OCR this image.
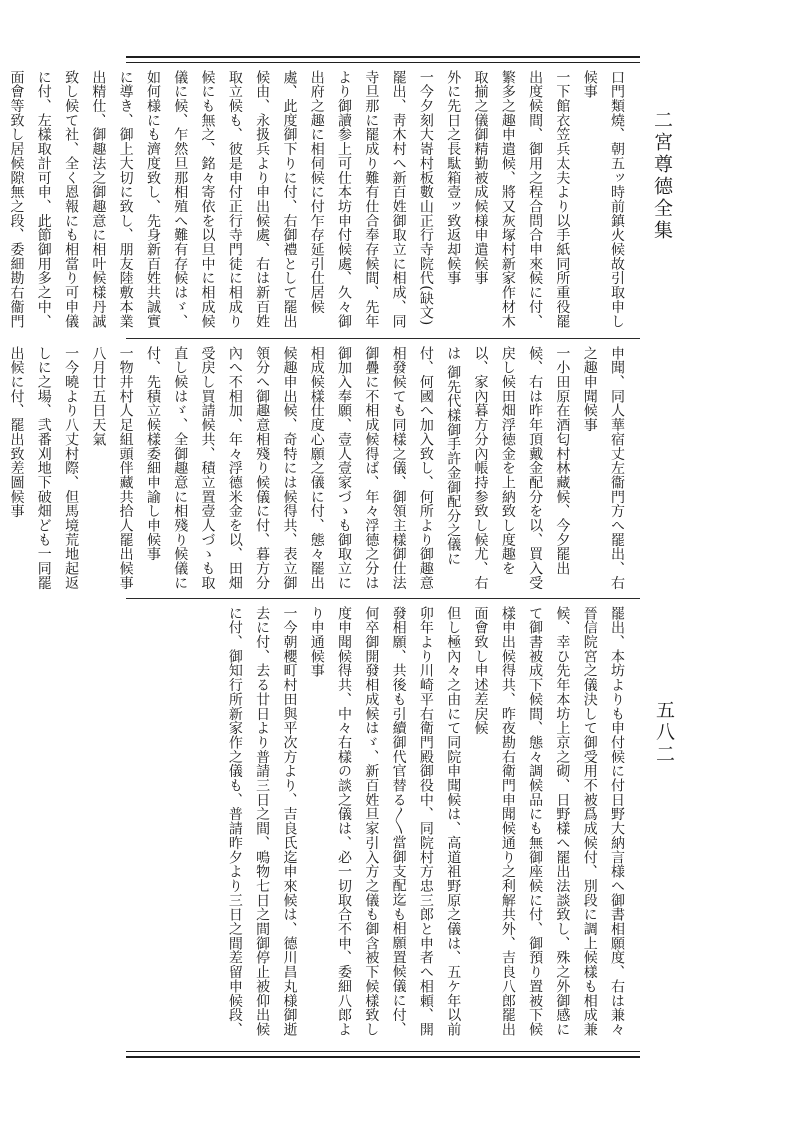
二宮尊德全集
五八二
口門類燒、朝五ッ時前鎮火候故引取申し候事
一下館衣笠兵太夫より以手紙同所重役罷出度候間、御用之程合問合申來候に付、繁多之趣申遣候、將又灰塚村新家作材木取揃之儀御精勤被成候様申遣候事
外に先日之長駄箱壹ッ致返却候事
一今夕刻大㟢村板數山正行寺院代(缺文)罷出、靑木村へ新百姓御取立に相成、同寺旦那に罷成り難有仕合奉存候間、先年より御讀参上可仕本坊申付候處、久々御出府之趣に相伺候に付乍存延引仕居候處、此度御下りに付、右御禮として罷出候由、永扱兵より申出候處、右は新百姓取立候も、彼是申付正行寺門徒に相成り候にも無之、銘々寄依を以旦中に相成候儀に候、乍然旦那相殖へ難有存候はゞ、如何様にも濟度致し、先身新百姓共誠實に導き、御上大切に致し、朋友陸敷本業出精仕、御趣法之御趣意に相叶候樣丹誠致し候て社、全く恩報にも相當り可申儀に付、左樣取計可申、此節御用多之中、面會等致し居候隙無之段、委細勘右衞門
申聞、同人華宿丈左衞門方へ罷出、右之趣申聞候事
一小田原在酒匂村林藏候、今夕罷出候、右は昨年頂戴金配分を以、買入受戻し候田畑浮徳金を上納致し度趣を以、家內暮方分內帳持参致し候尤、右は 御先代樣御手許金御配分之儀に付、何國へ加入致し、何所より御趣意相發候ても同樣之儀、御領主樣御仕法御疊に不相成候得ば、年々浮德之分は御加入奉願、壹人壹家づゝも御取立に相成候樣仕度心願之儀に付、態々罷出候趣申出候、奇特には候得共、表立御領分へ御趣意相殘り候儀に付、暮方分內へ不相加、年々浮德米金を以、田畑受戻し買請候共、積立置壹人づゝも取直し候はゞ、全御趣意に相殘り候儀に付、先積立候樣委細申諭し申候事
一物井村人足組頭伴藏共拾人罷出候事
八月廿五日天氣
一今曉より八丈村際、但馬境荒地起返しに之場、弐番刈地下破畑ども一同罷出候に付、罷出致差圖候事

罷出、本坊よりも申付候に付日野大納言様へ御書相願度、右は兼々晉信院宮之儀決して御受用不被爲成候付、別段に調上候樣も相成兼候、幸ひ先年本坊上京之砌、日野樣へ罷出法談致し、殊之外御感にて御書被成下候間、態々調候品にも無御座候に付、御預り置被下候樣申出候得共、昨夜勘右衛門申聞候通り之利解共外、吉良八郎罷出面會致し申述差戻候
但し極內々之由にて同院申聞候は、高道祖野原之儀は、五ケ年以前卯年より川崎平右衛門殿御役中、同院村方忠三郎と申者へ相頼、開發相願、共後も引續御代官替る〳〵當御支配迄も相願置候儀に付、何卒御開發相成候はゞ、新百姓旦家引入方之儀も御含被下候樣致し度申聞候得共、中々右樣の談之儀は、必一切取合不申、委細八郎より申通候事
一今朝櫻町村田與平次方より、吉良氏迄申來候は、德川昌丸様御逝去に付、去る廿日より普請三日之間、鳴物七日之間御停止被仰出候に付、御知行所新家作之儀も、普請昨夕より三日之間差留申候段、
